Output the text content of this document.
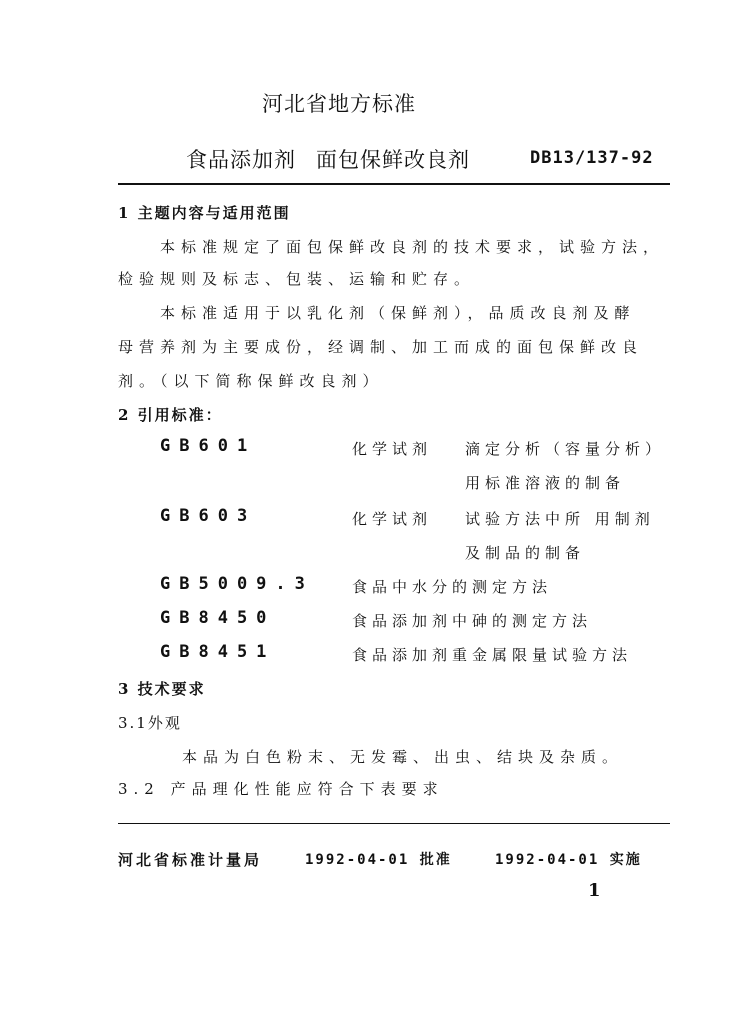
河北省地方标准
食品添加剂 面包保鲜改良剂	DB13/137-92
1 主题内容与适用范围
本标准规定了面包保鲜改良剂的技术要求，试验方法，
检验规则及标志、包装、运输和贮存。
本标准适用于以乳化剂（保鲜剂），品质改良剂及酵
母营养剂为主要成份，经调制、加工而成的面包保鲜改良
剂。（以下简称保鲜改良剂）
2 引用标准：
GB601	化学试剂 滴定分析（容量分析）
用标准溶液的制备
GB603	化学试剂 试验方法中所 用制剂
及制品的制备
GB5009.3	食品中水分的测定方法
GB8450	食品添加剂中砷的测定方法
GB8451	食品添加剂重金属限量试验方法
3 技术要求
3.1外观
本品为白色粉末、无发霉、出虫、结块及杂质。
3.2 产品理化性能应符合下表要求
河北省标准计量局	1992-04-01 批准	1992-04-01 实施
1
